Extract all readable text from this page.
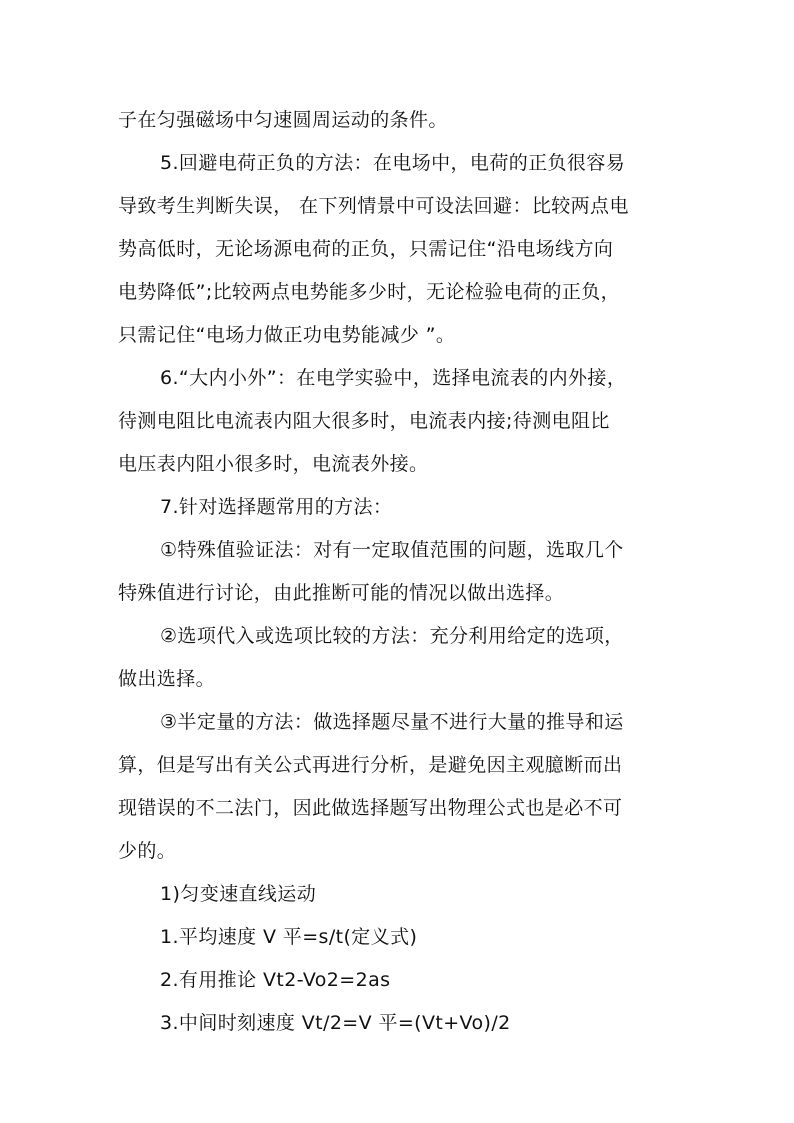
子在匀强磁场中匀速圆周运动的条件。
5.回避电荷正负的方法：在电场中，电荷的正负很容易
导致考生判断失误， 在下列情景中可设法回避：比较两点电
势高低时，无论场源电荷的正负，只需记住“沿电场线方向
电势降低”;比较两点电势能多少时，无论检验电荷的正负，
只需记住“电场力做正功电势能减少 ”。
6.“大内小外”：在电学实验中，选择电流表的内外接，
待测电阻比电流表内阻大很多时，电流表内接;待测电阻比
电压表内阻小很多时，电流表外接。
7.针对选择题常用的方法：
①特殊值验证法：对有一定取值范围的问题，选取几个
特殊值进行讨论，由此推断可能的情况以做出选择。
②选项代入或选项比较的方法：充分利用给定的选项，
做出选择。
③半定量的方法：做选择题尽量不进行大量的推导和运
算，但是写出有关公式再进行分析，是避免因主观臆断而出
现错误的不二法门，因此做选择题写出物理公式也是必不可
少的。
1)匀变速直线运动
1.平均速度 V 平=s/t(定义式)
2.有用推论 Vt2-Vo2=2as
3.中间时刻速度 Vt/2=V 平=(Vt+Vo)/2
